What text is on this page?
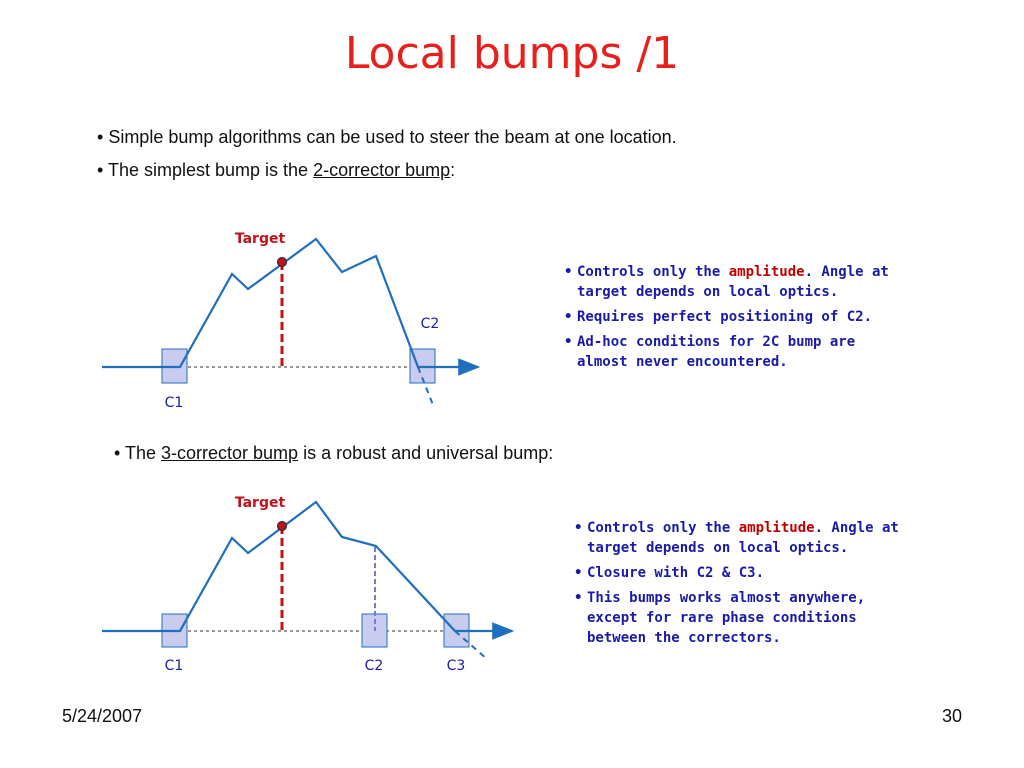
Local bumps /1
• Simple bump algorithms can be used to steer the beam at one location.
• The simplest bump is the 2-corrector bump:
Target
C1
C2
Target
C1	C2	C3
• Controls only the amplitude. Angle at target depends on local optics.
• Requires perfect positioning of C2.
• Ad-hoc conditions for 2C bump are almost never encountered.
• The 3-corrector bump is a robust and universal bump:
• Controls only the amplitude. Angle at target depends on local optics.
• Closure with C2 & C3.
• This bumps works almost anywhere, except for rare phase conditions between the correctors.
5/24/2007	30
